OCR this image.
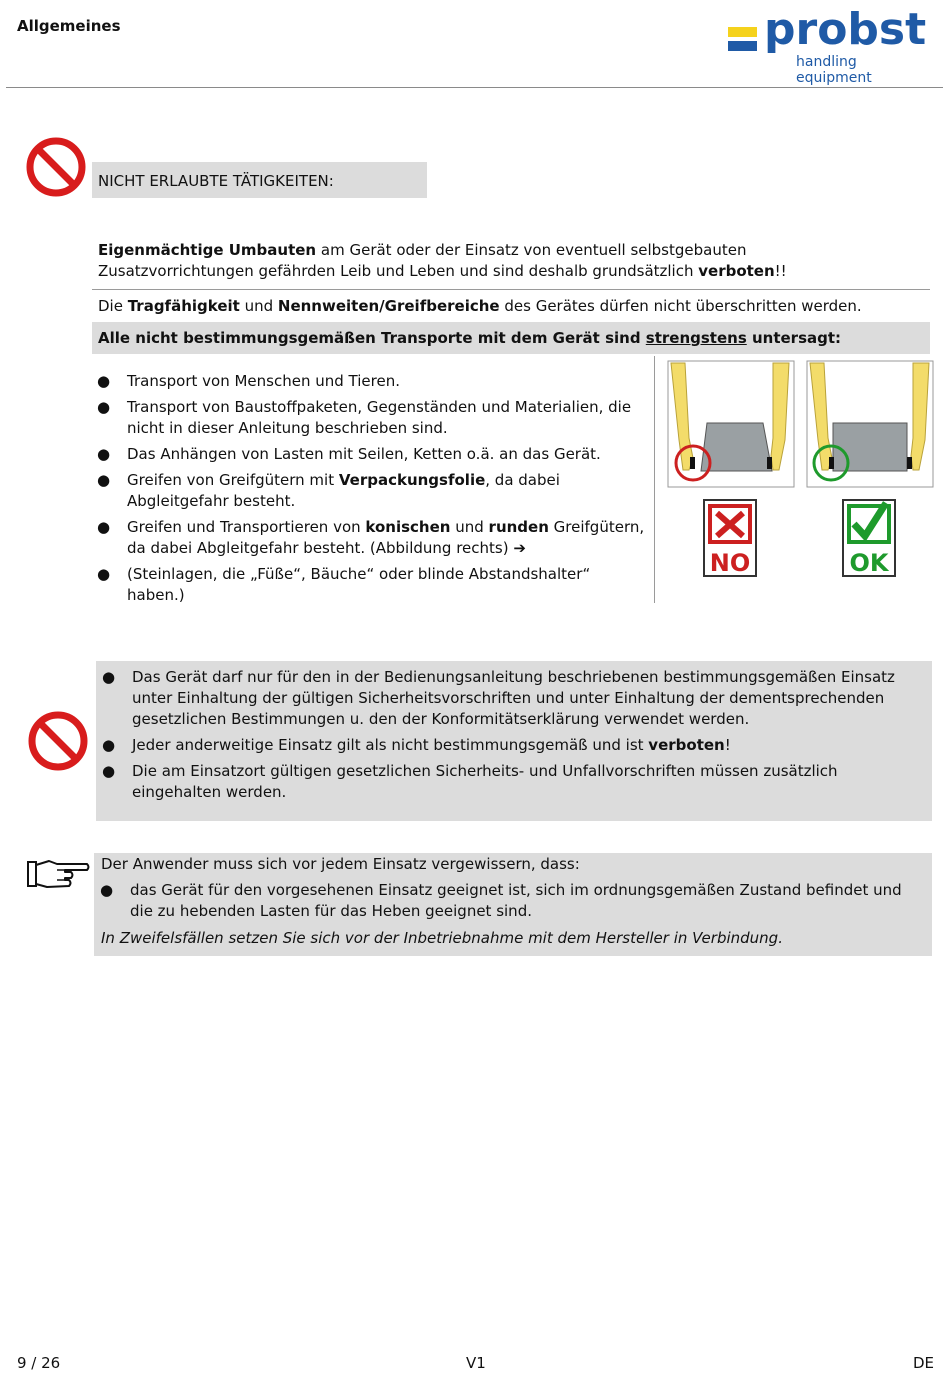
Allgemeines	probst
handling equipment
NICHT ERLAUBTE TÄTIGKEITEN:
Eigenmächtige Umbauten am Gerät oder der Einsatz von eventuell selbstgebauten Zusatzvorrichtungen gefährden Leib und Leben und sind deshalb grundsätzlich verboten!!
Die Tragfähigkeit und Nennweiten/Greifbereiche des Gerätes dürfen nicht überschritten werden.
Alle nicht bestimmungsgemäßen Transporte mit dem Gerät sind strengstens untersagt:
● Transport von Menschen und Tieren.
● Transport von Baustoffpaketen, Gegenständen und Materialien, die nicht in dieser Anleitung beschrieben sind.
● Das Anhängen von Lasten mit Seilen, Ketten o.ä. an das Gerät.
● Greifen von Greifgütern mit Verpackungsfolie, da dabei Abgleitgefahr besteht.
● Greifen und Transportieren von konischen und runden Greifgütern, da dabei Abgleitgefahr besteht. (Abbildung rechts) ➔
● (Steinlagen, die „Füße“, Bäuche“ oder blinde Abstandshalter“ haben.)
NO	OK
● Das Gerät darf nur für den in der Bedienungsanleitung beschriebenen bestimmungsgemäßen Einsatz unter Einhaltung der gültigen Sicherheitsvorschriften und unter Einhaltung der dementsprechenden gesetzlichen Bestimmungen u. den der Konformitätserklärung verwendet werden.
● Jeder anderweitige Einsatz gilt als nicht bestimmungsgemäß und ist verboten!
● Die am Einsatzort gültigen gesetzlichen Sicherheits- und Unfallvorschriften müssen zusätzlich eingehalten werden.
Der Anwender muss sich vor jedem Einsatz vergewissern, dass:
● das Gerät für den vorgesehenen Einsatz geeignet ist, sich im ordnungsgemäßen Zustand befindet und die zu hebenden Lasten für das Heben geeignet sind.
In Zweifelsfällen setzen Sie sich vor der Inbetriebnahme mit dem Hersteller in Verbindung.
9 / 26	V1	DE
